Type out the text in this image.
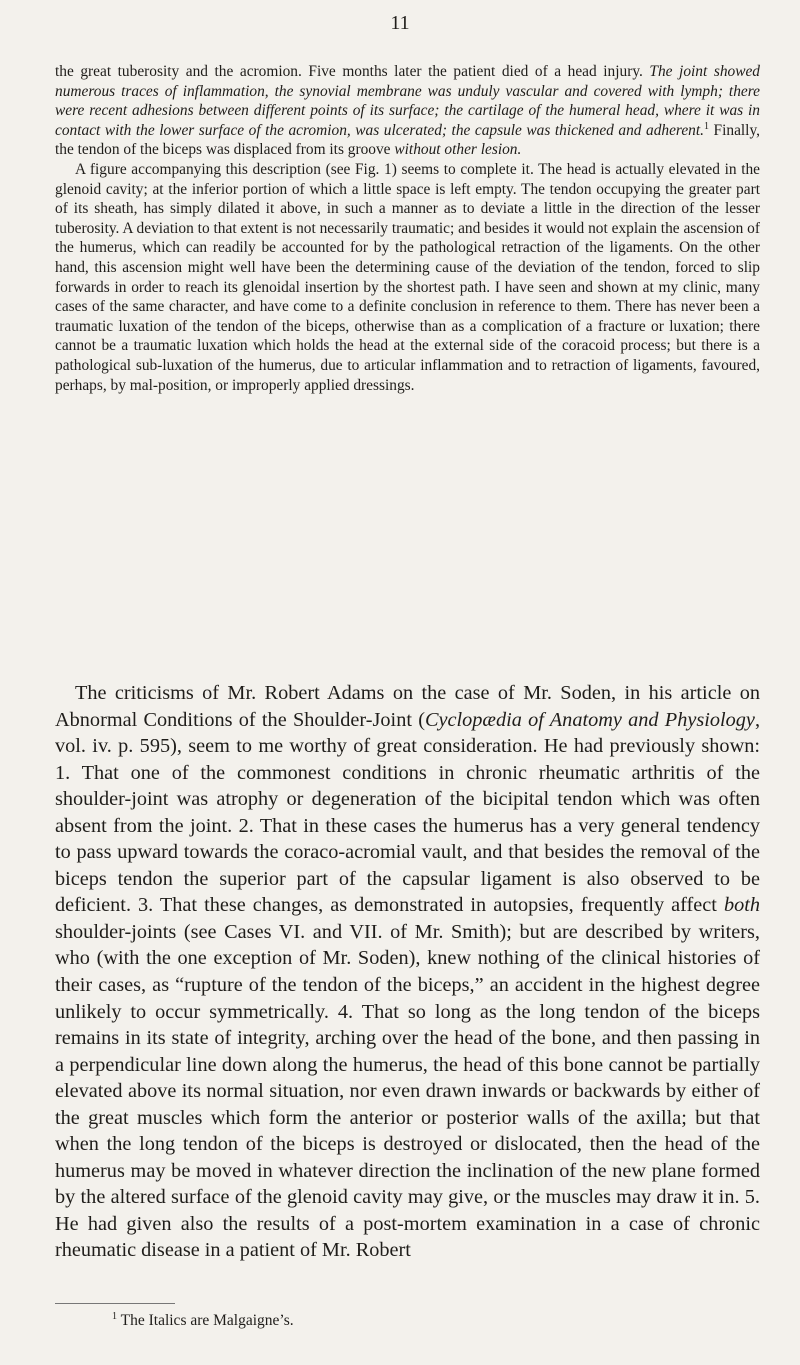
11

the great tuberosity and the acromion. Five months later the patient died of a head injury. The joint showed numerous traces of inflammation, the synovial membrane was unduly vascular and covered with lymph; there were recent adhesions between different points of its surface; the cartilage of the humeral head, where it was in contact with the lower surface of the acromion, was ulcerated; the capsule was thickened and adherent.$^1$ Finally, the tendon of the biceps was displaced from its groove without other lesion.

A figure accompanying this description (see Fig. 1) seems to complete it. The head is actually elevated in the glenoid cavity; at the inferior portion of which a little space is left empty. The tendon occupying the greater part of its sheath, has simply dilated it above, in such a manner as to deviate a little in the direction of the lesser tuberosity. A deviation to that extent is not necessarily traumatic; and besides it would not explain the ascension of the humerus, which can readily be accounted for by the pathological retraction of the ligaments. On the other hand, this ascension might well have been the determining cause of the deviation of the tendon, forced to slip forwards in order to reach its glenoidal insertion by the shortest path. I have seen and shown at my clinic, many cases of the same character, and have come to a definite conclusion in reference to them. There has never been a traumatic luxation of the tendon of the biceps, otherwise than as a complication of a fracture or luxation; there cannot be a traumatic luxation which holds the head at the external side of the coracoid process; but there is a pathological sub-luxation of the humerus, due to articular inflammation and to retraction of ligaments, favoured, perhaps, by mal-position, or improperly applied dressings.

The criticisms of Mr. Robert Adams on the case of Mr. Soden, in his article on Abnormal Conditions of the Shoulder-Joint (Cyclopædia of Anatomy and Physiology, vol. iv. p. 595), seem to me worthy of great consideration. He had previously shown: 1. That one of the commonest conditions in chronic rheumatic arthritis of the shoulder-joint was atrophy or degeneration of the bicipital tendon which was often absent from the joint. 2. That in these cases the humerus has a very general tendency to pass upward towards the coraco-acromial vault, and that besides the removal of the biceps tendon the superior part of the capsular ligament is also observed to be deficient. 3. That these changes, as demonstrated in autopsies, frequently affect both shoulder-joints (see Cases VI. and VII. of Mr. Smith); but are described by writers, who (with the one exception of Mr. Soden), knew nothing of the clinical histories of their cases, as “rupture of the tendon of the biceps,” an accident in the highest degree unlikely to occur symmetrically. 4. That so long as the long tendon of the biceps remains in its state of integrity, arching over the head of the bone, and then passing in a perpendicular line down along the humerus, the head of this bone cannot be partially elevated above its normal situation, nor even drawn inwards or backwards by either of the great muscles which form the anterior or posterior walls of the axilla; but that when the long tendon of the biceps is destroyed or dislocated, then the head of the humerus may be moved in whatever direction the inclination of the new plane formed by the altered surface of the glenoid cavity may give, or the muscles may draw it in. 5. He had given also the results of a post-mortem examination in a case of chronic rheumatic disease in a patient of Mr. Robert

$^1$ The Italics are Malgaigne’s.
